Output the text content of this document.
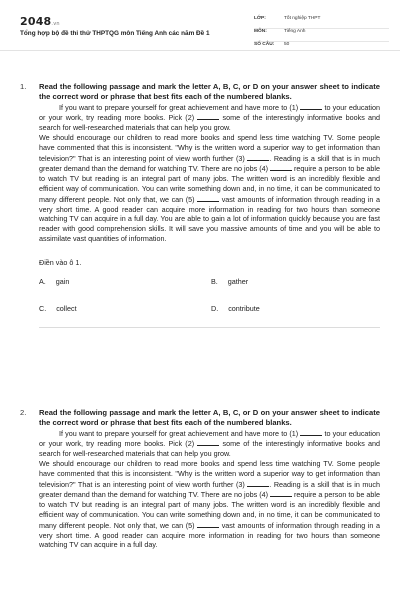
2048.vn
Tổng hợp bộ đề thi thử THPTQG môn Tiếng Anh các năm Đề 1
LỚP:	Tốt nghiệp THPT
MÔN:	Tiếng Anh
SỐ CÂU:	50
1. Read the following passage and mark the letter A, B, C, or D on your answer sheet to indicate the correct word or phrase that best fits each of the numbered blanks.

If you want to prepare yourself for great achievement and have more to (1)	to your education or your work, try reading more books. Pick (2)	some of the interestingly informative books and search for well-researched materials that can help you grow.

We should encourage our children to read more books and spend less time watching TV. Some people have commented that this is inconsistent. "Why is the written word a superior way to get information than television?" That is an interesting point of view worth further (3)	. Reading is a skill that is in much greater demand than the demand for watching TV. There are no jobs (4)	require a person to be able to watch TV but reading is an integral part of many jobs. The written word is an incredibly flexible and efficient way of communication. You can write something down and, in no time, it can be communicated to many different people. Not only that, we can (5)	vast amounts of information through reading in a very short time. A good reader can acquire more information in reading for two hours than someone watching TV can acquire in a full day. You are able to gain a lot of information quickly because you are fast reader with good comprehension skills. It will save you massive amounts of time and you will be able to assimilate vast quantities of information.

Điền vào ô 1.
A. gain	B. gather
C. collect	D. contribute
2. Read the following passage and mark the letter A, B, C, or D on your answer sheet to indicate the correct word or phrase that best fits each of the numbered blanks.

If you want to prepare yourself for great achievement and have more to (1)	to your education or your work, try reading more books. Pick (2)	some of the interestingly informative books and search for well-researched materials that can help you grow.

We should encourage our children to read more books and spend less time watching TV. Some people have commented that this is inconsistent. "Why is the written word a superior way to get information than television?" That is an interesting point of view worth further (3)	. Reading is a skill that is in much greater demand than the demand for watching TV. There are no jobs (4)	require a person to be able to watch TV but reading is an integral part of many jobs. The written word is an incredibly flexible and efficient way of communication. You can write something down and, in no time, it can be communicated to many different people. Not only that, we can (5)	vast amounts of information through reading in a very short time. A good reader can acquire more information in reading for two hours than someone watching TV can acquire in a full day.
